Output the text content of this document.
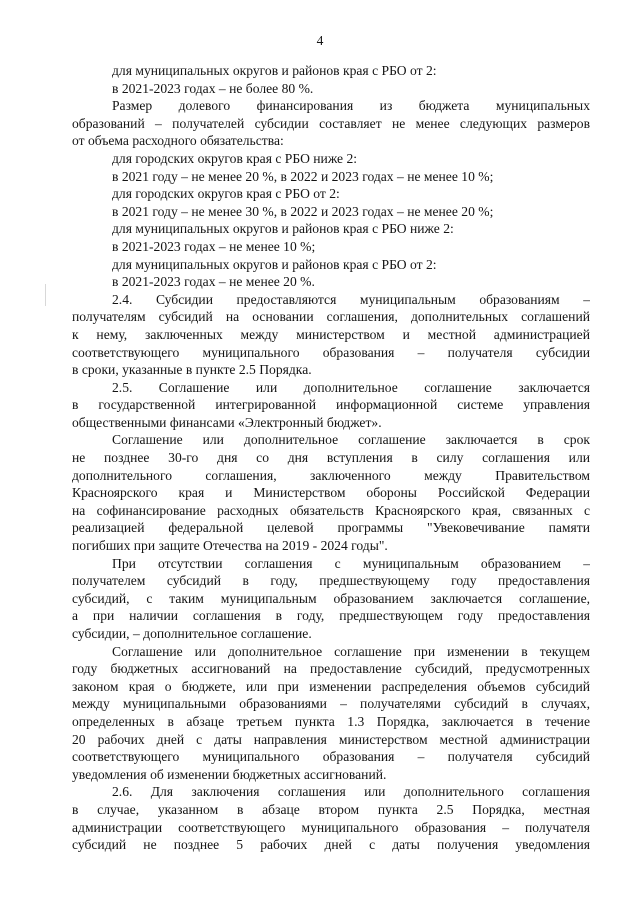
4
для муниципальных округов и районов края с РБО от 2:
в 2021-2023 годах – не более 80 %.
Размер долевого финансирования из бюджета муниципальных
образований – получателей субсидии составляет не менее следующих размеров
от объема расходного обязательства:
для городских округов края с РБО ниже 2:
в 2021 году – не менее 20 %, в 2022 и 2023 годах – не менее 10 %;
для городских округов края с РБО от 2:
в 2021 году – не менее 30 %, в 2022 и 2023 годах – не менее 20 %;
для муниципальных округов и районов края с РБО ниже 2:
в 2021-2023 годах – не менее 10 %;
для муниципальных округов и районов края с РБО от 2:
в 2021-2023 годах – не менее 20 %.
2.4. Субсидии предоставляются муниципальным образованиям –
получателям субсидий на основании соглашения, дополнительных соглашений
к нему, заключенных между министерством и местной администрацией
соответствующего муниципального образования – получателя субсидии
в сроки, указанные в пункте 2.5 Порядка.
2.5. Соглашение или дополнительное соглашение заключается
в государственной интегрированной информационной системе управления
общественными финансами «Электронный бюджет».
Соглашение или дополнительное соглашение заключается в срок
не позднее 30-го дня со дня вступления в силу соглашения или
дополнительного соглашения, заключенного между Правительством
Красноярского края и Министерством обороны Российской Федерации
на софинансирование расходных обязательств Красноярского края, связанных с
реализацией федеральной целевой программы "Увековечивание памяти
погибших при защите Отечества на 2019 - 2024 годы".
При отсутствии соглашения с муниципальным образованием –
получателем субсидий в году, предшествующему году предоставления
субсидий, с таким муниципальным образованием заключается соглашение,
а при наличии соглашения в году, предшествующем году предоставления
субсидии, – дополнительное соглашение.
Соглашение или дополнительное соглашение при изменении в текущем
году бюджетных ассигнований на предоставление субсидий, предусмотренных
законом края о бюджете, или при изменении распределения объемов субсидий
между муниципальными образованиями – получателями субсидий в случаях,
определенных в абзаце третьем пункта 1.3 Порядка, заключается в течение
20 рабочих дней с даты направления министерством местной администрации
соответствующего муниципального образования – получателя субсидий
уведомления об изменении бюджетных ассигнований.
2.6. Для заключения соглашения или дополнительного соглашения
в случае, указанном в абзаце втором пункта 2.5 Порядка, местная
администрации соответствующего муниципального образования – получателя
субсидий не позднее 5 рабочих дней с даты получения уведомления
